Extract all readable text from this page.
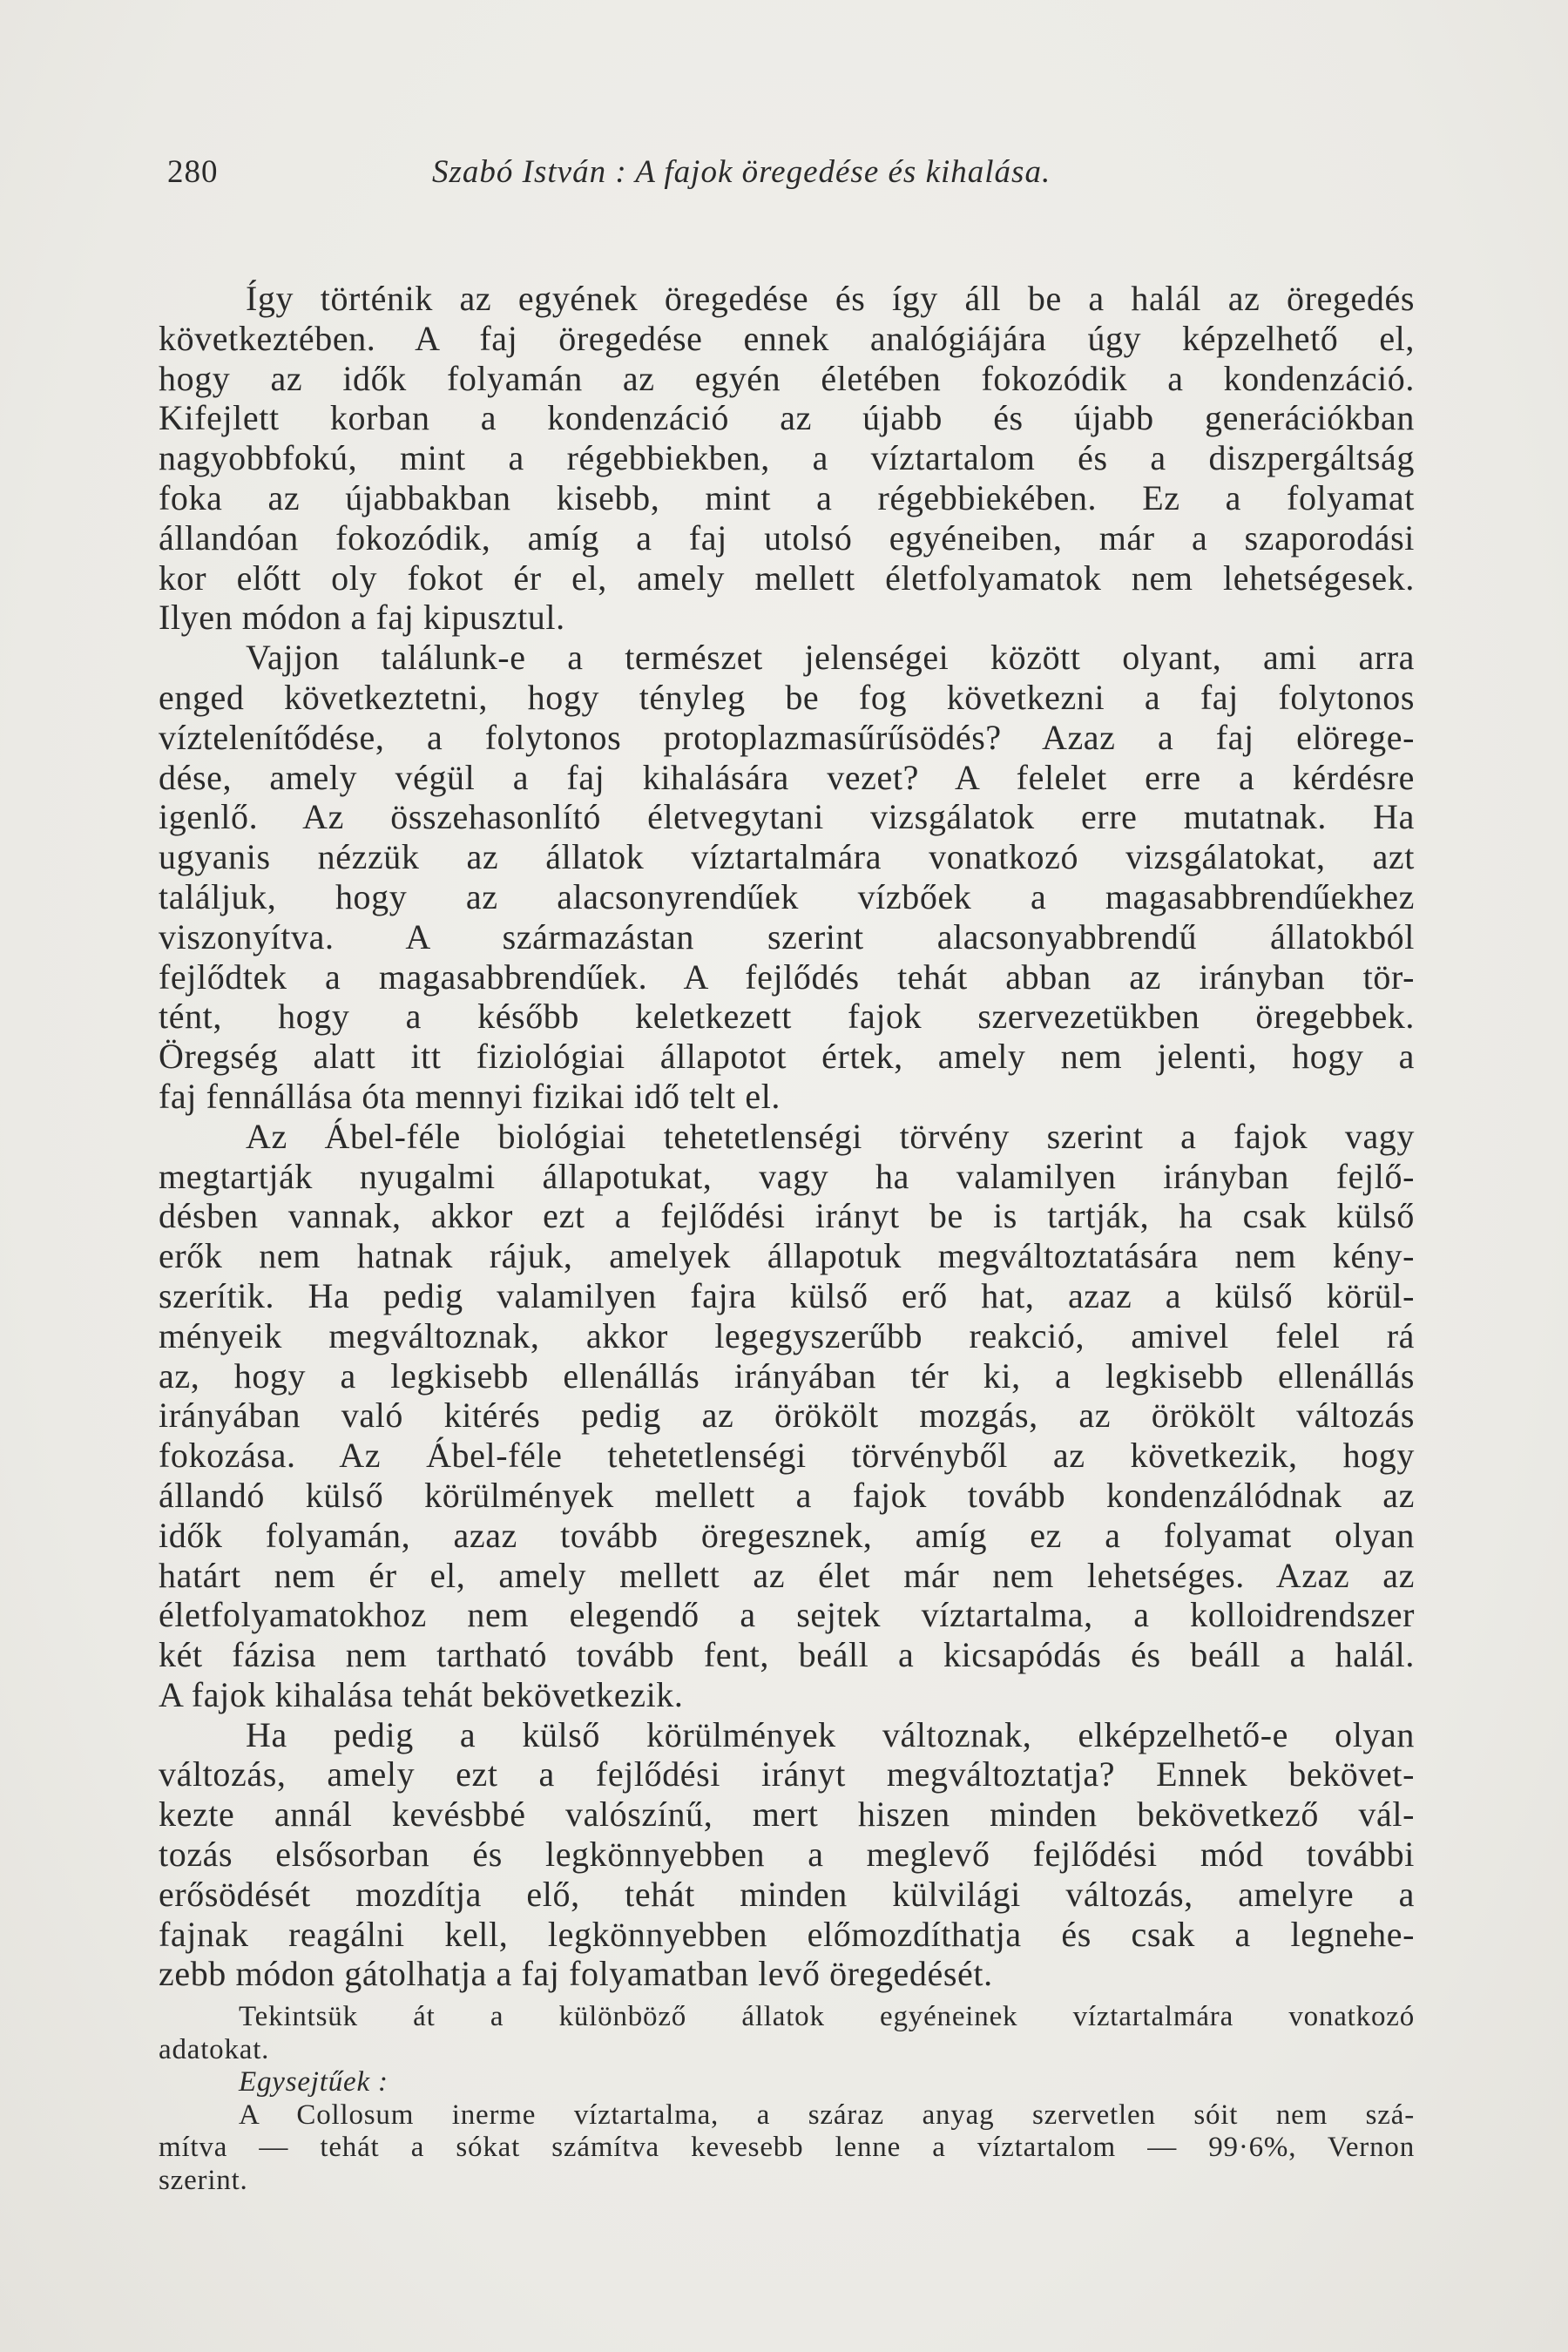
280	Szabó István : A fajok öregedése és kihalása.
Így történik az egyének öregedése és így áll be a halál az öregedés
következtében. A faj öregedése ennek analógiájára úgy képzelhető el,
hogy az idők folyamán az egyén életében fokozódik a kondenzáció.
Kifejlett korban a kondenzáció az újabb és újabb generációkban
nagyobbfokú, mint a régebbiekben, a víztartalom és a diszpergáltság
foka az újabbakban kisebb, mint a régebbiekében. Ez a folyamat
állandóan fokozódik, amíg a faj utolsó egyéneiben, már a szaporodási
kor előtt oly fokot ér el, amely mellett életfolyamatok nem lehetségesek.
Ilyen módon a faj kipusztul.
Vajjon találunk-e a természet jelenségei között olyant, ami arra
enged következtetni, hogy tényleg be fog következni a faj folytonos
víztelenítődése, a folytonos protoplazmasűrűsödés? Azaz a faj elörege-
dése, amely végül a faj kihalására vezet? A felelet erre a kérdésre
igenlő. Az összehasonlító életvegytani vizsgálatok erre mutatnak. Ha
ugyanis nézzük az állatok víztartalmára vonatkozó vizsgálatokat, azt
találjuk, hogy az alacsonyrendűek vízbőek a magasabbrendűekhez
viszonyítva. A származástan szerint alacsonyabbrendű állatokból
fejlődtek a magasabbrendűek. A fejlődés tehát abban az irányban tör-
tént, hogy a később keletkezett fajok szervezetükben öregebbek.
Öregség alatt itt fiziológiai állapotot értek, amely nem jelenti, hogy a
faj fennállása óta mennyi fizikai idő telt el.
Az Ábel-féle biológiai tehetetlenségi törvény szerint a fajok vagy
megtartják nyugalmi állapotukat, vagy ha valamilyen irányban fejlő-
désben vannak, akkor ezt a fejlődési irányt be is tartják, ha csak külső
erők nem hatnak rájuk, amelyek állapotuk megváltoztatására nem kény-
szerítik. Ha pedig valamilyen fajra külső erő hat, azaz a külső körül-
ményeik megváltoznak, akkor legegyszerűbb reakció, amivel felel rá
az, hogy a legkisebb ellenállás irányában tér ki, a legkisebb ellenállás
irányában való kitérés pedig az örökölt mozgás, az örökölt változás
fokozása. Az Ábel-féle tehetetlenségi törvényből az következik, hogy
állandó külső körülmények mellett a fajok tovább kondenzálódnak az
idők folyamán, azaz tovább öregesznek, amíg ez a folyamat olyan
határt nem ér el, amely mellett az élet már nem lehetséges. Azaz az
életfolyamatokhoz nem elegendő a sejtek víztartalma, a kolloidrendszer
két fázisa nem tartható tovább fent, beáll a kicsapódás és beáll a halál.
A fajok kihalása tehát bekövetkezik.
Ha pedig a külső körülmények változnak, elképzelhető-e olyan
változás, amely ezt a fejlődési irányt megváltoztatja? Ennek bekövet-
kezte annál kevésbbé valószínű, mert hiszen minden bekövetkező vál-
tozás elsősorban és legkönnyebben a meglevő fejlődési mód további
erősödését mozdítja elő, tehát minden külvilági változás, amelyre a
fajnak reagálni kell, legkönnyebben előmozdíthatja és csak a legnehe-
zebb módon gátolhatja a faj folyamatban levő öregedését.
Tekintsük át a különböző állatok egyéneinek víztartalmára vonatkozó
adatokat.
Egysejtűek :
A Collosum inerme víztartalma, a száraz anyag szervetlen sóit nem szá-
mítva — tehát a sókat számítva kevesebb lenne a víztartalom — 99·6%, Vernon
szerint.
